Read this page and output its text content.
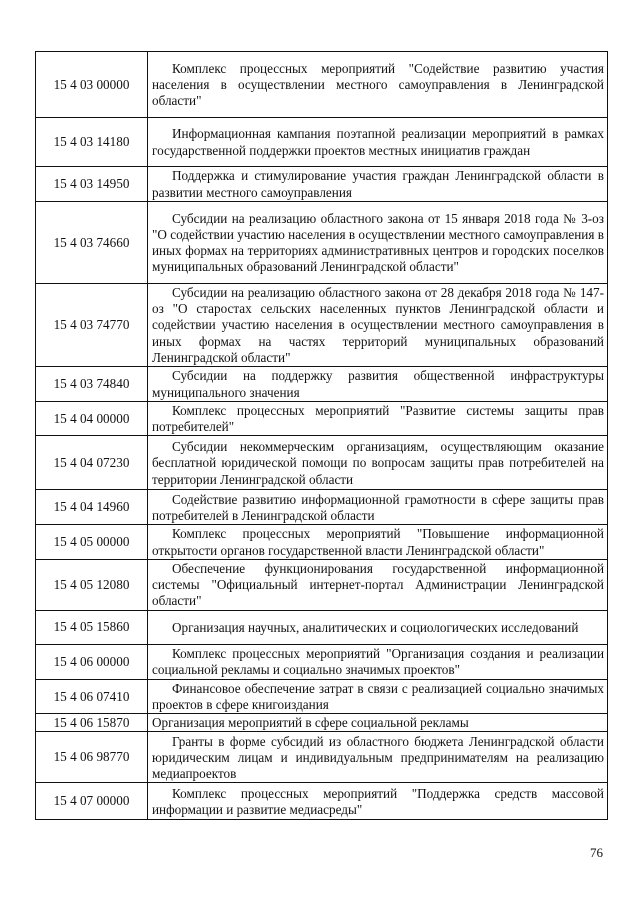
15 4 03 00000	Комплекс процессных мероприятий "Содействие развитию участия населения в осуществлении местного самоуправления в Ленинградской области"
15 4 03 14180	Информационная кампания поэтапной реализации мероприятий в рамках государственной поддержки проектов местных инициатив граждан
15 4 03 14950	Поддержка и стимулирование участия граждан Ленинградской области в развитии местного самоуправления
15 4 03 74660	Субсидии на реализацию областного закона от 15 января 2018 года № 3-оз "О содействии участию населения в осуществлении местного самоуправления в иных формах на территориях административных центров и городских поселков муниципальных образований Ленинградской области"
15 4 03 74770	Субсидии на реализацию областного закона от 28 декабря 2018 года № 147-оз "О старостах сельских населенных пунктов Ленинградской области и содействии участию населения в осуществлении местного самоуправления в иных формах на частях территорий муниципальных образований Ленинградской области"
15 4 03 74840	Субсидии на поддержку развития общественной инфраструктуры муниципального значения
15 4 04 00000	Комплекс процессных мероприятий "Развитие системы защиты прав потребителей"
15 4 04 07230	Субсидии некоммерческим организациям, осуществляющим оказание бесплатной юридической помощи по вопросам защиты прав потребителей на территории Ленинградской области
15 4 04 14960	Содействие развитию информационной грамотности в сфере защиты прав потребителей в Ленинградской области
15 4 05 00000	Комплекс процессных мероприятий "Повышение информационной открытости органов государственной власти Ленинградской области"
15 4 05 12080	Обеспечение функционирования государственной информационной системы "Официальный интернет-портал Администрации Ленинградской области"
15 4 05 15860	Организация научных, аналитических и социологических исследований
15 4 06 00000	Комплекс процессных мероприятий "Организация создания и реализации социальной рекламы и социально значимых проектов"
15 4 06 07410	Финансовое обеспечение затрат в связи с реализацией социально значимых проектов в сфере книгоиздания
15 4 06 15870	Организация мероприятий в сфере социальной рекламы
15 4 06 98770	Гранты в форме субсидий из областного бюджета Ленинградской области юридическим лицам и индивидуальным предпринимателям на реализацию медиапроектов
15 4 07 00000	Комплекс процессных мероприятий "Поддержка средств массовой информации и развитие медиасреды"
76
